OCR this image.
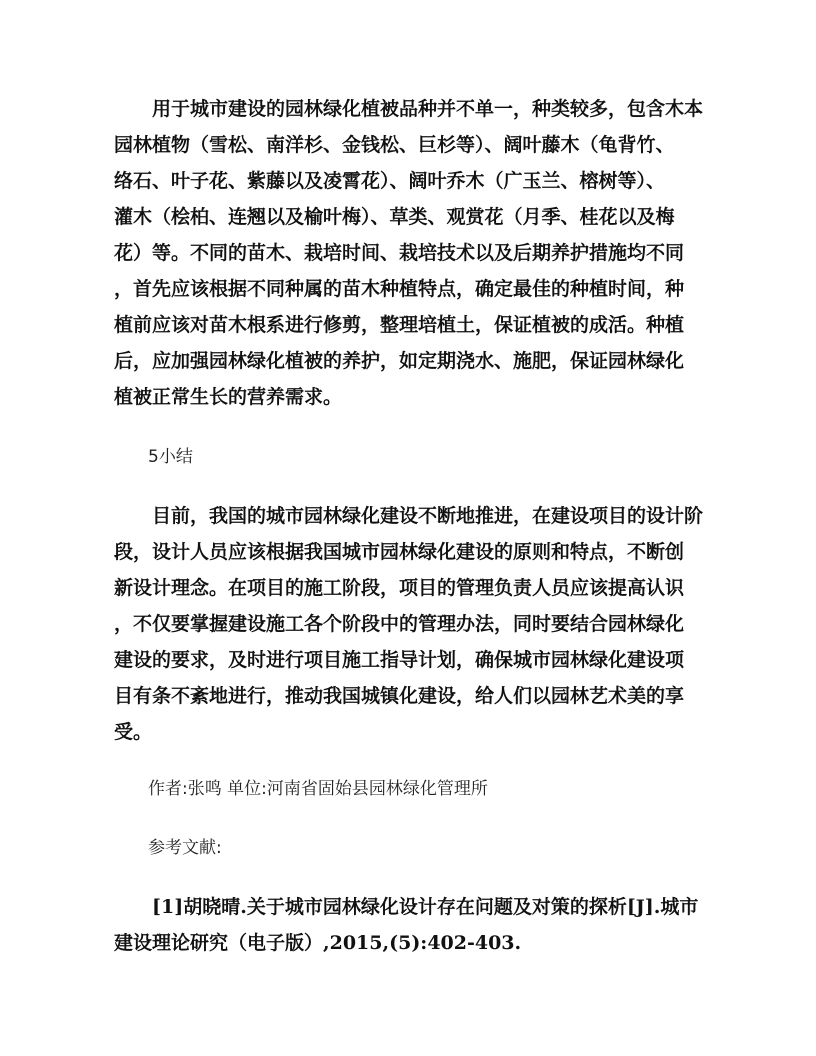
　　用于城市建设的园林绿化植被品种并不单一，种类较多，包含木本
园林植物（雪松、南洋杉、金钱松、巨杉等）、阔叶藤木（龟背竹、
络石、叶子花、紫藤以及凌霄花）、阔叶乔木（广玉兰、榕树等）、
灌木（桧柏、连翘以及榆叶梅）、草类、观赏花（月季、桂花以及梅
花）等。不同的苗木、栽培时间、栽培技术以及后期养护措施均不同
，首先应该根据不同种属的苗木种植特点，确定最佳的种植时间，种
植前应该对苗木根系进行修剪，整理培植土，保证植被的成活。种植
后，应加强园林绿化植被的养护，如定期浇水、施肥，保证园林绿化
植被正常生长的营养需求。
　　5小结
　　目前，我国的城市园林绿化建设不断地推进，在建设项目的设计阶
段，设计人员应该根据我国城市园林绿化建设的原则和特点，不断创
新设计理念。在项目的施工阶段，项目的管理负责人员应该提高认识
，不仅要掌握建设施工各个阶段中的管理办法，同时要结合园林绿化
建设的要求，及时进行项目施工指导计划，确保城市园林绿化建设项
目有条不紊地进行，推动我国城镇化建设，给人们以园林艺术美的享
受。
　　作者:张鸣 单位:河南省固始县园林绿化管理所
　　参考文献:
　　[1]胡晓晴.关于城市园林绿化设计存在问题及对策的探析[J].城市
建设理论研究（电子版）,2015,(5):402-403.
